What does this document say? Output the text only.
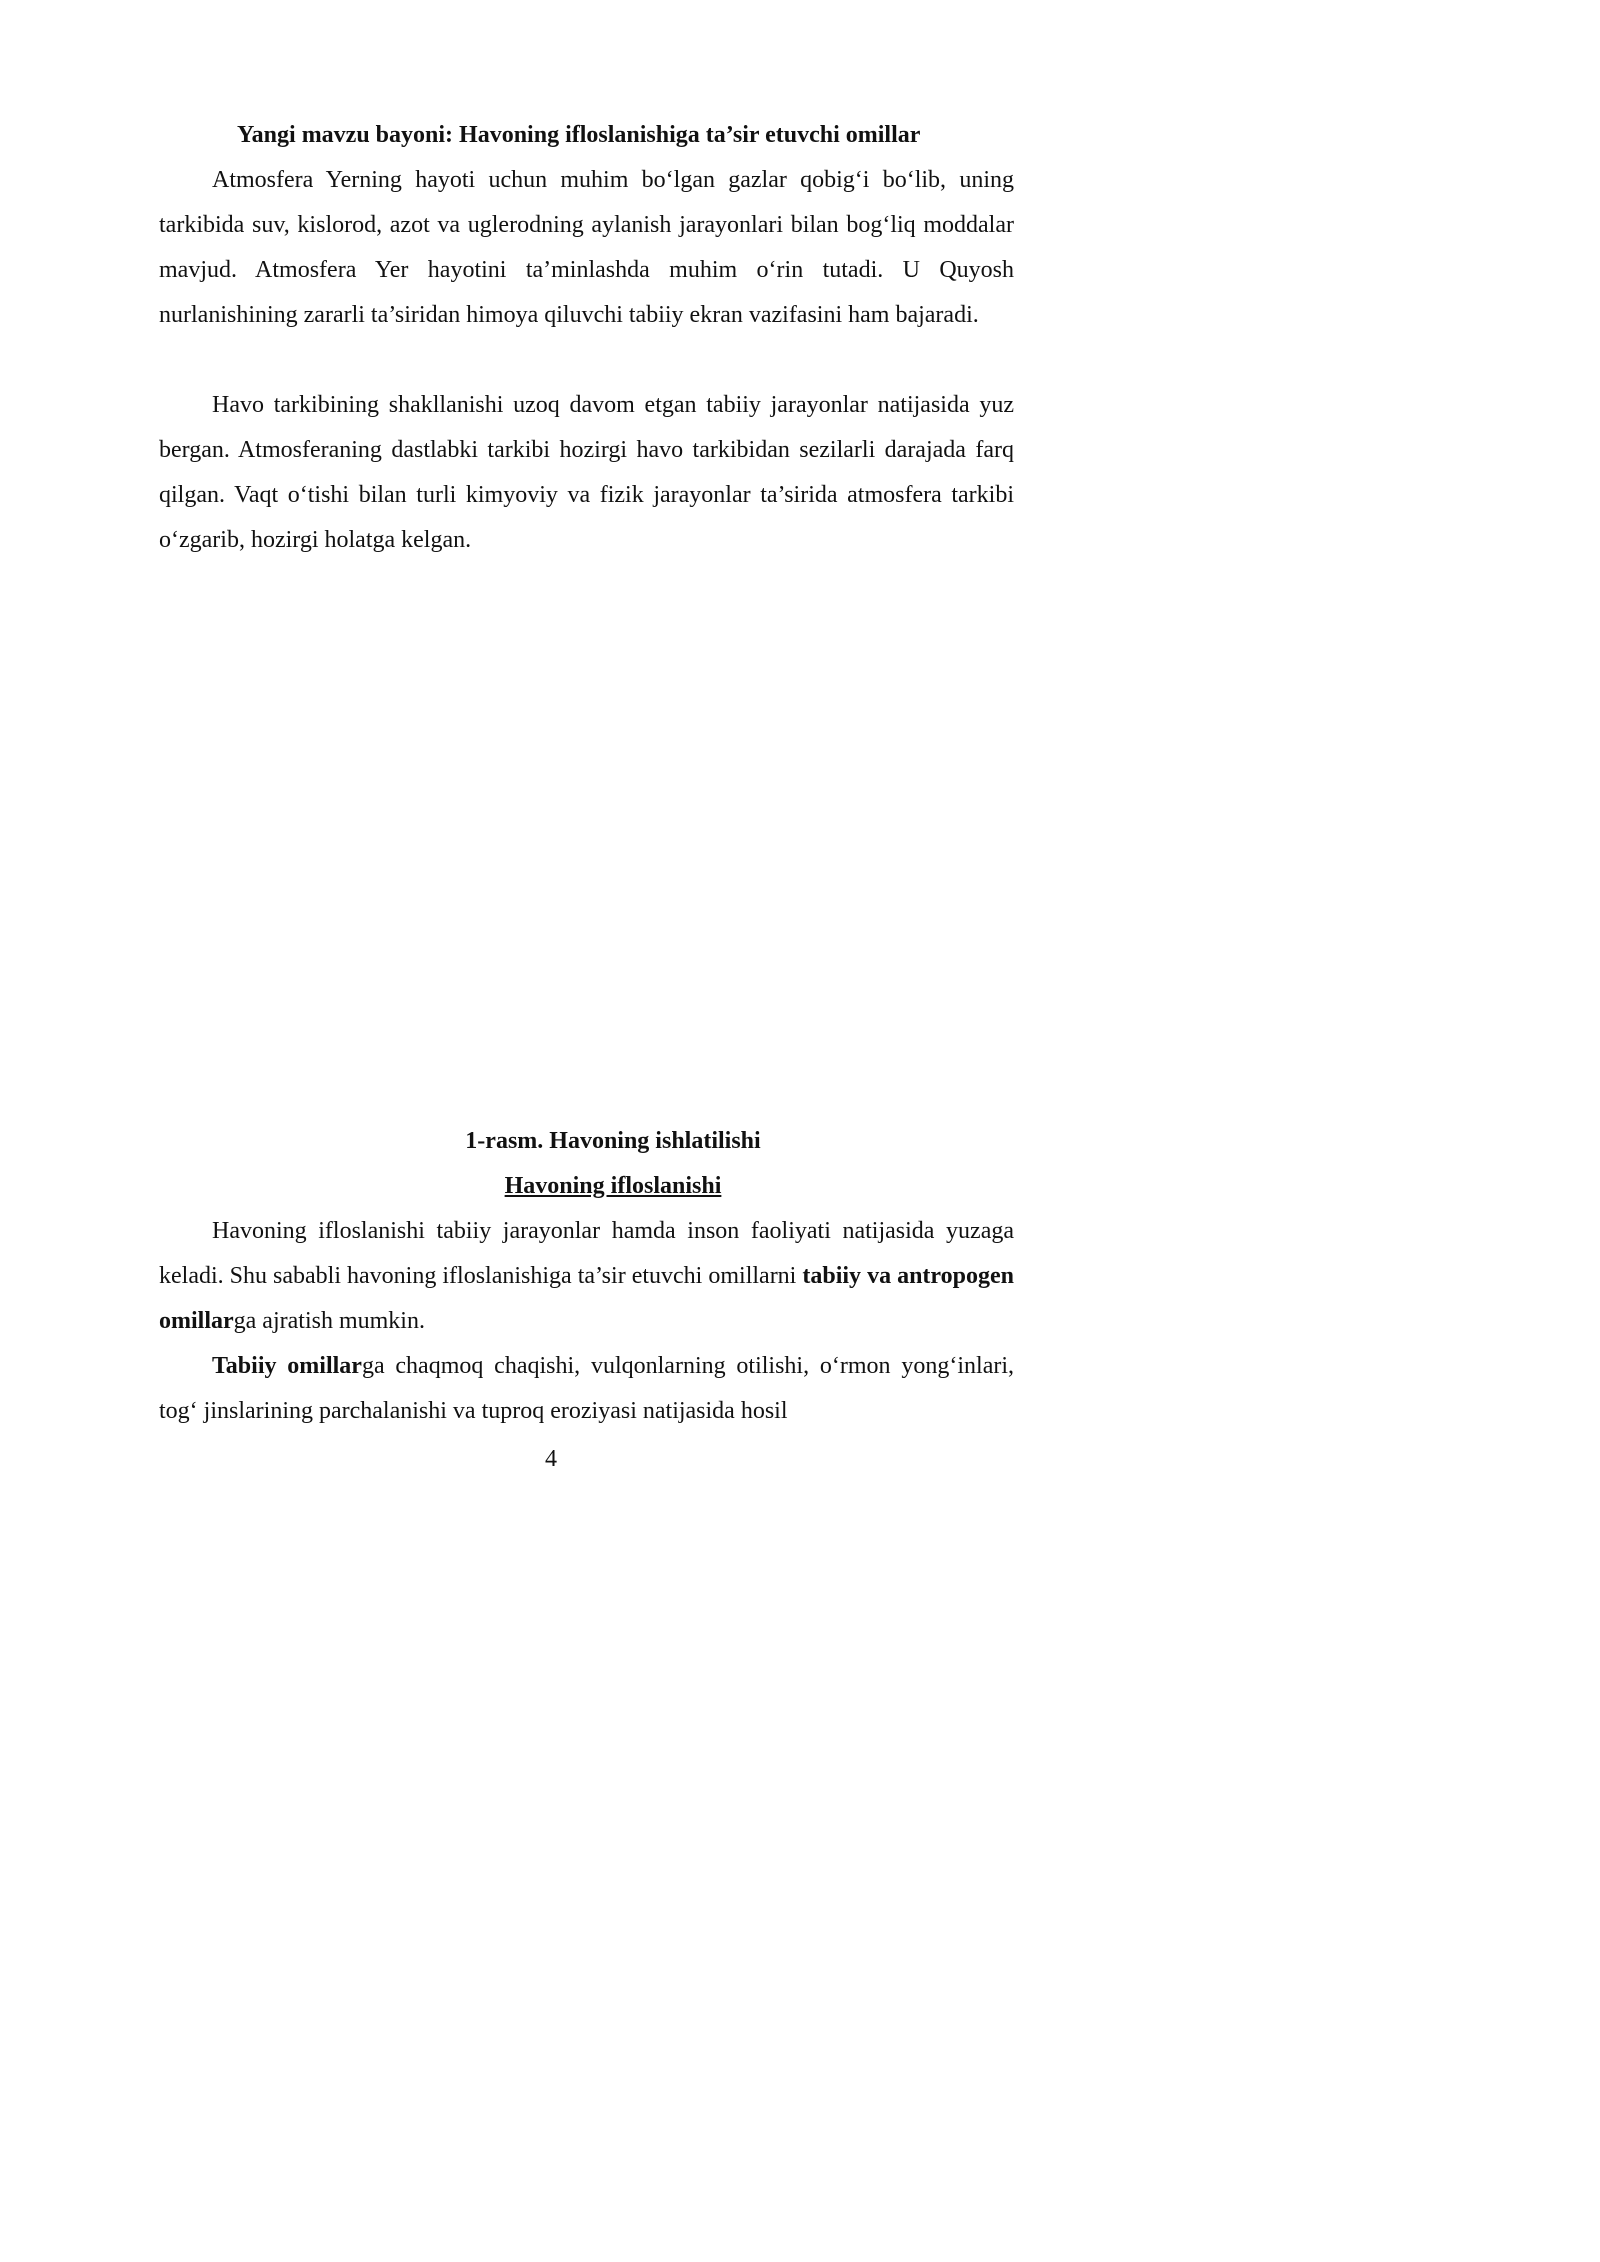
Yangi mavzu bayoni: Havoning ifloslanishiga ta’sir etuvchi omillar

Atmosfera Yerning hayoti uchun muhim bo‘lgan gazlar qobig‘i bo‘lib, uning tarkibida suv, kislorod, azot va uglerodning aylanish jarayonlari bilan bog‘liq moddalar mavjud. Atmosfera Yer hayotini ta’minlashda muhim o‘rin tutadi. U Quyosh nurlanishining zararli ta’siridan himoya qiluvchi tabiiy ekran vazifasini ham bajaradi.

Havo tarkibining shakllanishi uzoq davom etgan tabiiy jarayonlar natijasida yuz bergan. Atmosferaning dastlabki tarkibi hozirgi havo tarkibidan sezilarli darajada farq qilgan. Vaqt o‘tishi bilan turli kimyoviy va fizik jarayonlar ta’sirida atmosfera tarkibi o‘zgarib, hozirgi holatga kelgan.

1-rasm. Havoning ishlatilishi
Havoning ifloslanishi

Havoning ifloslanishi tabiiy jarayonlar hamda inson faoliyati natijasida yuzaga keladi. Shu sababli havoning ifloslanishiga ta’sir etuvchi omillarni tabiiy va antropogen omillarga ajratish mumkin.

Tabiiy omillarga chaqmoq chaqishi, vulqonlarning otilishi, o‘rmon yong‘inlari, tog‘ jinslarining parchalanishi va tuproq eroziyasi natijasida hosil

4
